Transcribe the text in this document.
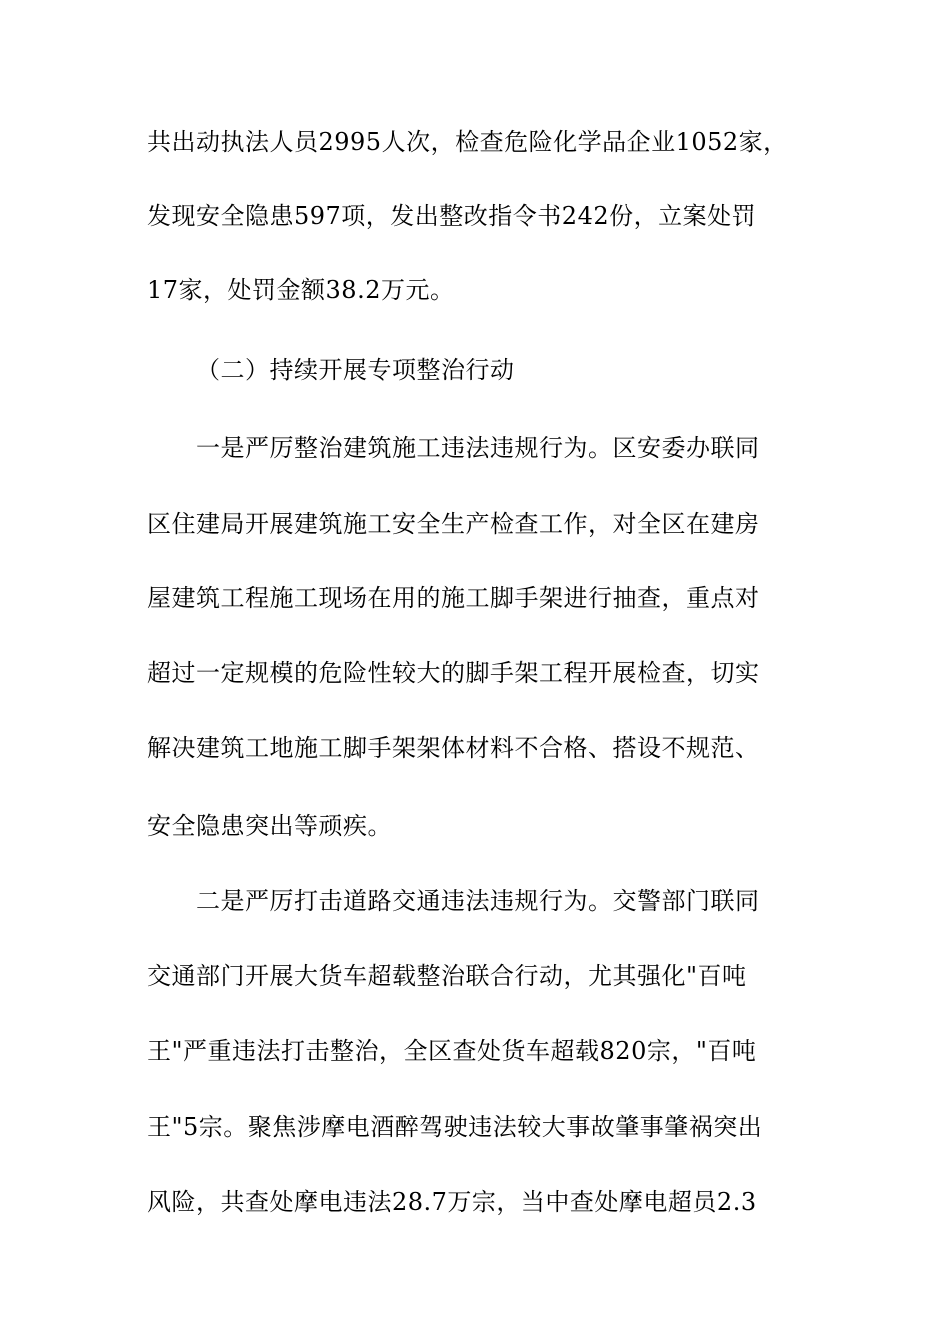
共出动执法人员2995人次，检查危险化学品企业1052家，

发现安全隐患597项，发出整改指令书242份，立案处罚

17家，处罚金额38.2万元。

（二）持续开展专项整治行动

一是严厉整治建筑施工违法违规行为。区安委办联同

区住建局开展建筑施工安全生产检查工作，对全区在建房

屋建筑工程施工现场在用的施工脚手架进行抽查，重点对

超过一定规模的危险性较大的脚手架工程开展检查，切实

解决建筑工地施工脚手架架体材料不合格、搭设不规范、

安全隐患突出等顽疾。

二是严厉打击道路交通违法违规行为。交警部门联同

交通部门开展大货车超载整治联合行动，尤其强化"百吨

王"严重违法打击整治，全区查处货车超载820宗，"百吨

王"5宗。聚焦涉摩电酒醉驾驶违法较大事故肇事肇祸突出

风险，共查处摩电违法28.7万宗，当中查处摩电超员2.3
